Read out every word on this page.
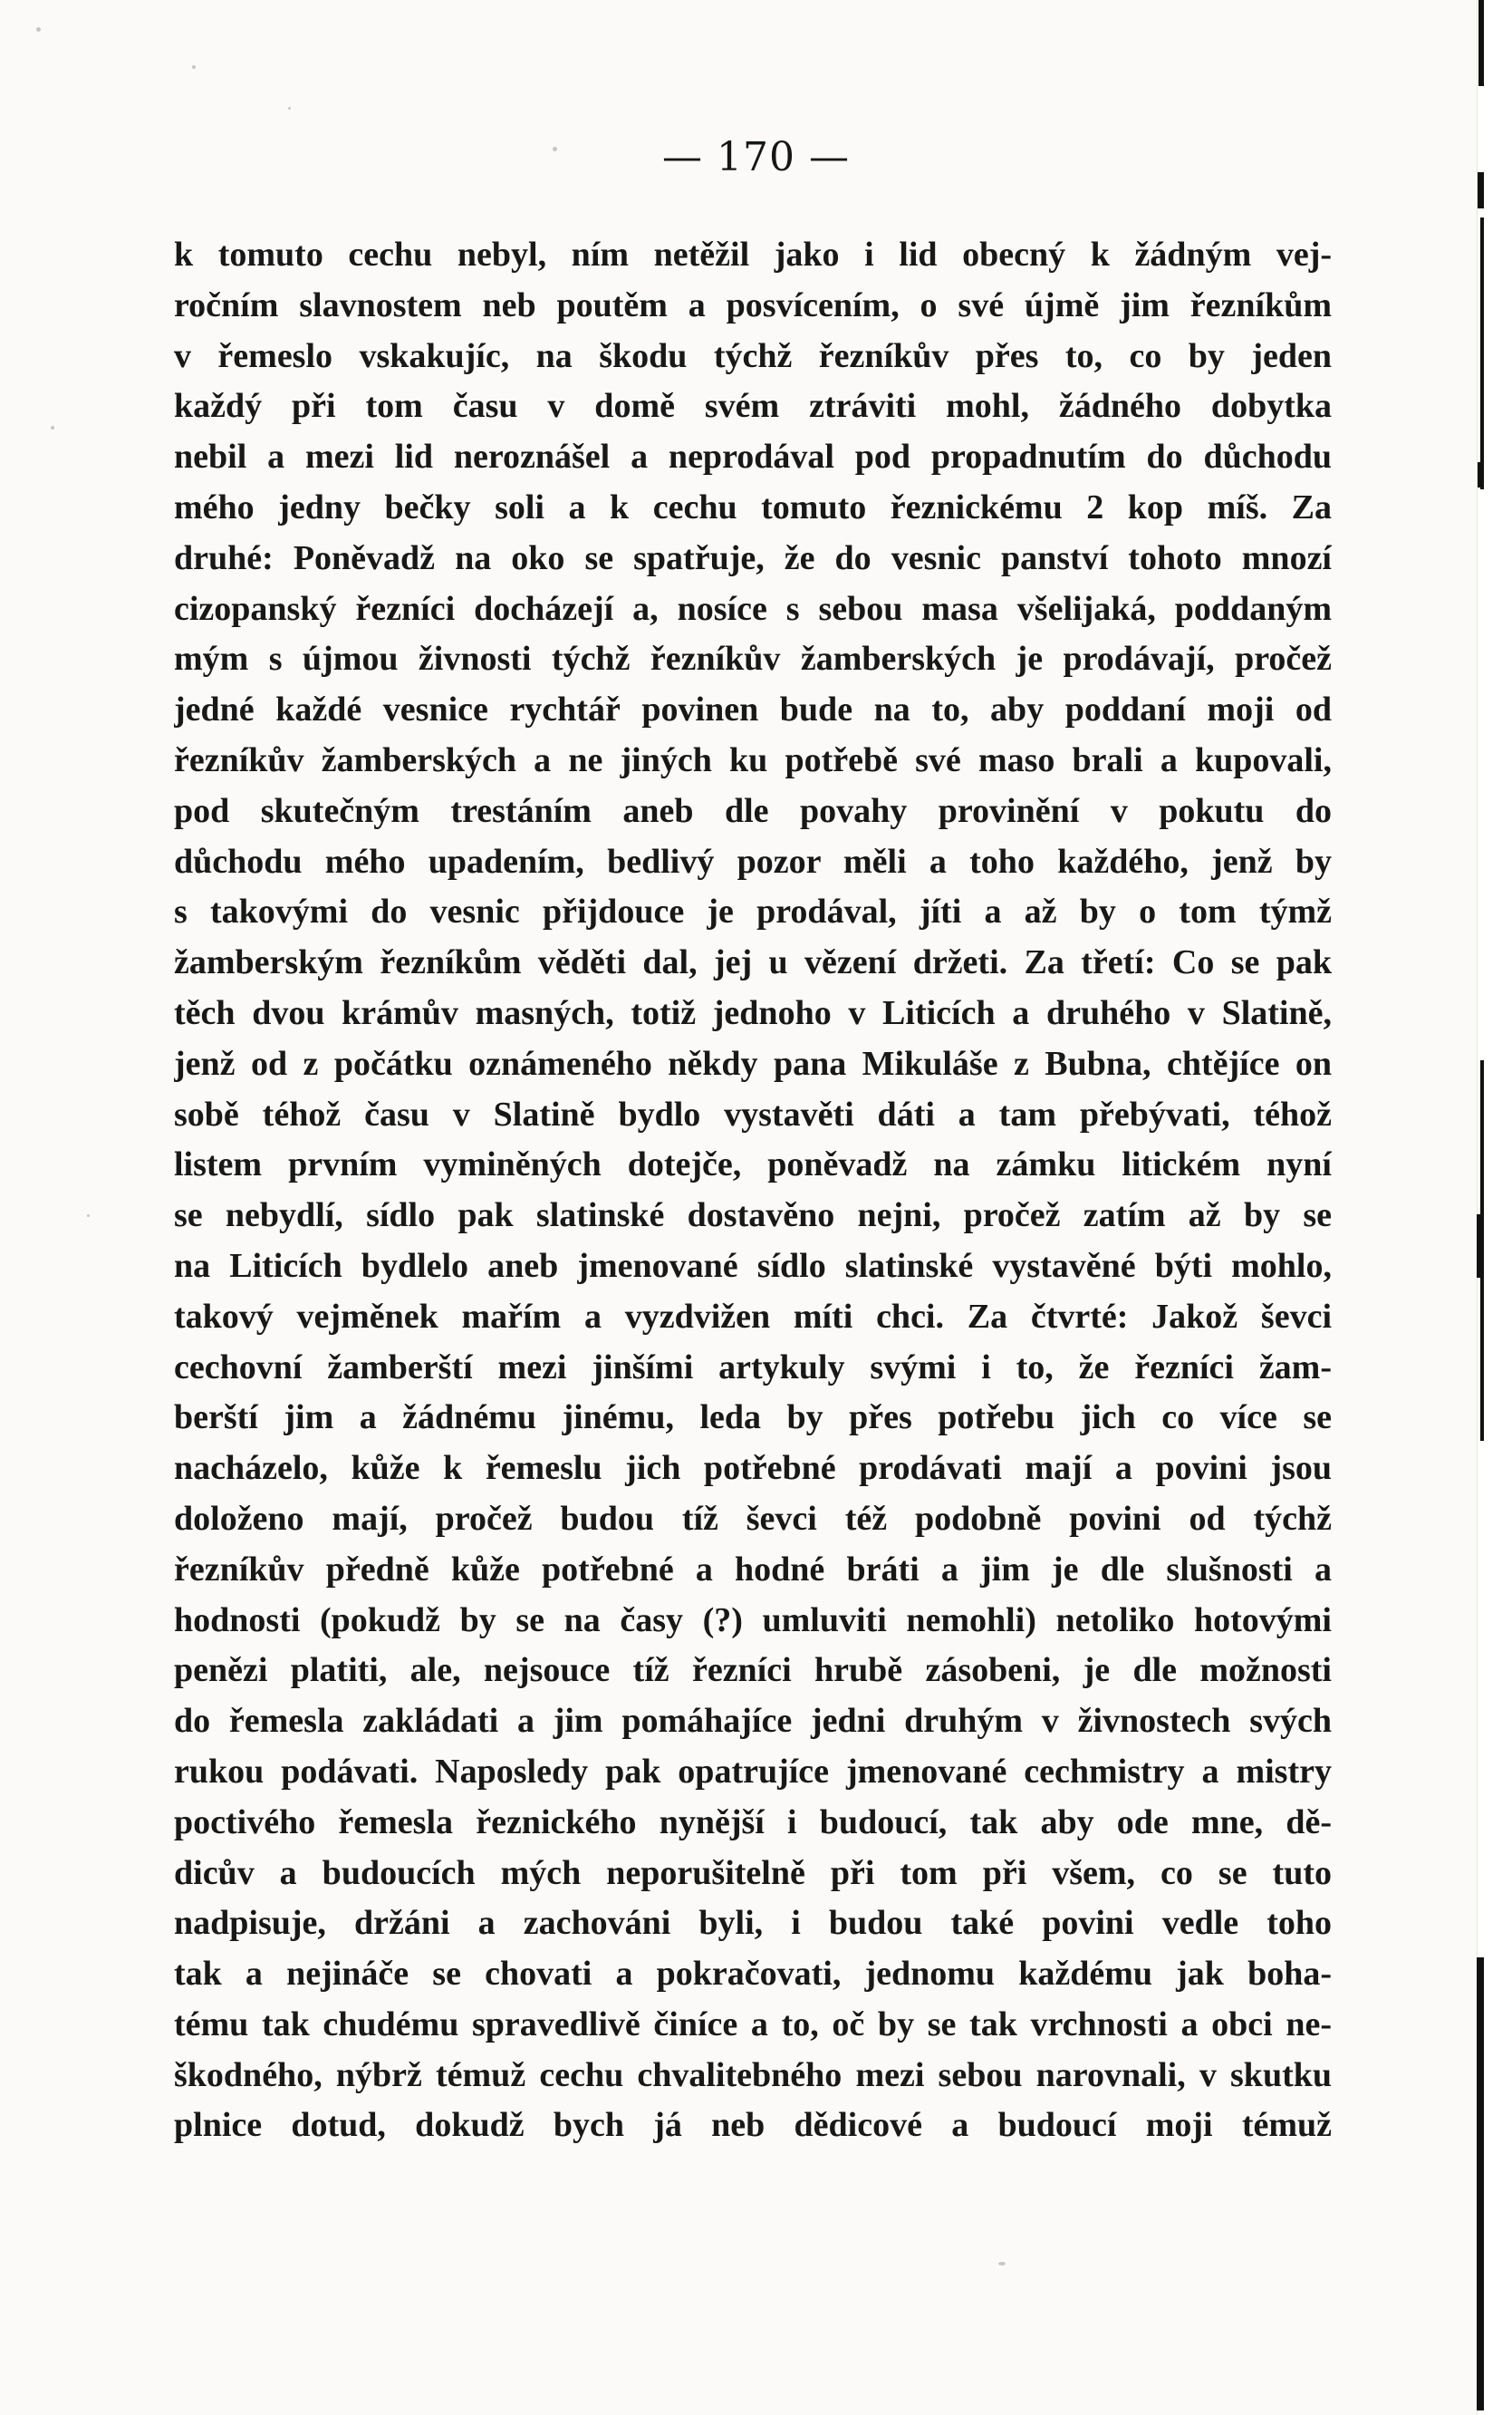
— 170 —
k tomuto cechu nebyl, ním netěžil jako i lid obecný k žádným vej-
ročním slavnostem neb poutěm a posvícením, o své újmě jim řezníkům
v řemeslo vskakujíc, na škodu týchž řezníkův přes to, co by jeden
každý při tom času v domě svém ztráviti mohl, žádného dobytka
nebil a mezi lid neroznášel a neprodával pod propadnutím do důchodu
mého jedny bečky soli a k cechu tomuto řeznickému 2 kop míš. Za
druhé: Poněvadž na oko se spatřuje, že do vesnic panství tohoto mnozí
cizopanský řezníci docházejí a, nosíce s sebou masa všelijaká, poddaným
mým s újmou živnosti týchž řezníkův žamberských je prodávají, pročež
jedné každé vesnice rychtář povinen bude na to, aby poddaní moji od
řezníkův žamberských a ne jiných ku potřebě své maso brali a kupovali,
pod skutečným trestáním aneb dle povahy provinění v pokutu do
důchodu mého upadením, bedlivý pozor měli a toho každého, jenž by
s takovými do vesnic přijdouce je prodával, jíti a až by o tom týmž
žamberským řezníkům věděti dal, jej u vězení držeti. Za třetí: Co se pak
těch dvou krámův masných, totiž jednoho v Liticích a druhého v Slatině,
jenž od z počátku oznámeného někdy pana Mikuláše z Bubna, chtějíce on
sobě téhož času v Slatině bydlo vystavěti dáti a tam přebývati, téhož
listem prvním vyminěných dotejče, poněvadž na zámku litickém nyní
se nebydlí, sídlo pak slatinské dostavěno nejni, pročež zatím až by se
na Liticích bydlelo aneb jmenované sídlo slatinské vystavěné býti mohlo,
takový vejměnek mařím a vyzdvižen míti chci. Za čtvrté: Jakož ševci
cechovní žamberští mezi jinšími artykuly svými i to, že řezníci žam-
berští jim a žádnému jinému, leda by přes potřebu jich co více se
nacházelo, kůže k řemeslu jich potřebné prodávati mají a povini jsou
doloženo mají, pročež budou tíž ševci též podobně povini od týchž
řezníkův předně kůže potřebné a hodné bráti a jim je dle slušnosti a
hodnosti (pokudž by se na časy (?) umluviti nemohli) netoliko hotovými
penězi platiti, ale, nejsouce tíž řezníci hrubě zásobeni, je dle možnosti
do řemesla zakládati a jim pomáhajíce jedni druhým v živnostech svých
rukou podávati. Naposledy pak opatrujíce jmenované cechmistry a mistry
poctivého řemesla řeznického nynější i budoucí, tak aby ode mne, dě-
dicův a budoucích mých neporušitelně při tom při všem, co se tuto
nadpisuje, držáni a zachováni byli, i budou také povini vedle toho
tak a nejináče se chovati a pokračovati, jednomu každému jak boha-
tému tak chudému spravedlivě činíce a to, oč by se tak vrchnosti a obci ne-
škodného, nýbrž témuž cechu chvalitebného mezi sebou narovnali, v skutku
plnice dotud, dokudž bych já neb dědicové a budoucí moji témuž
